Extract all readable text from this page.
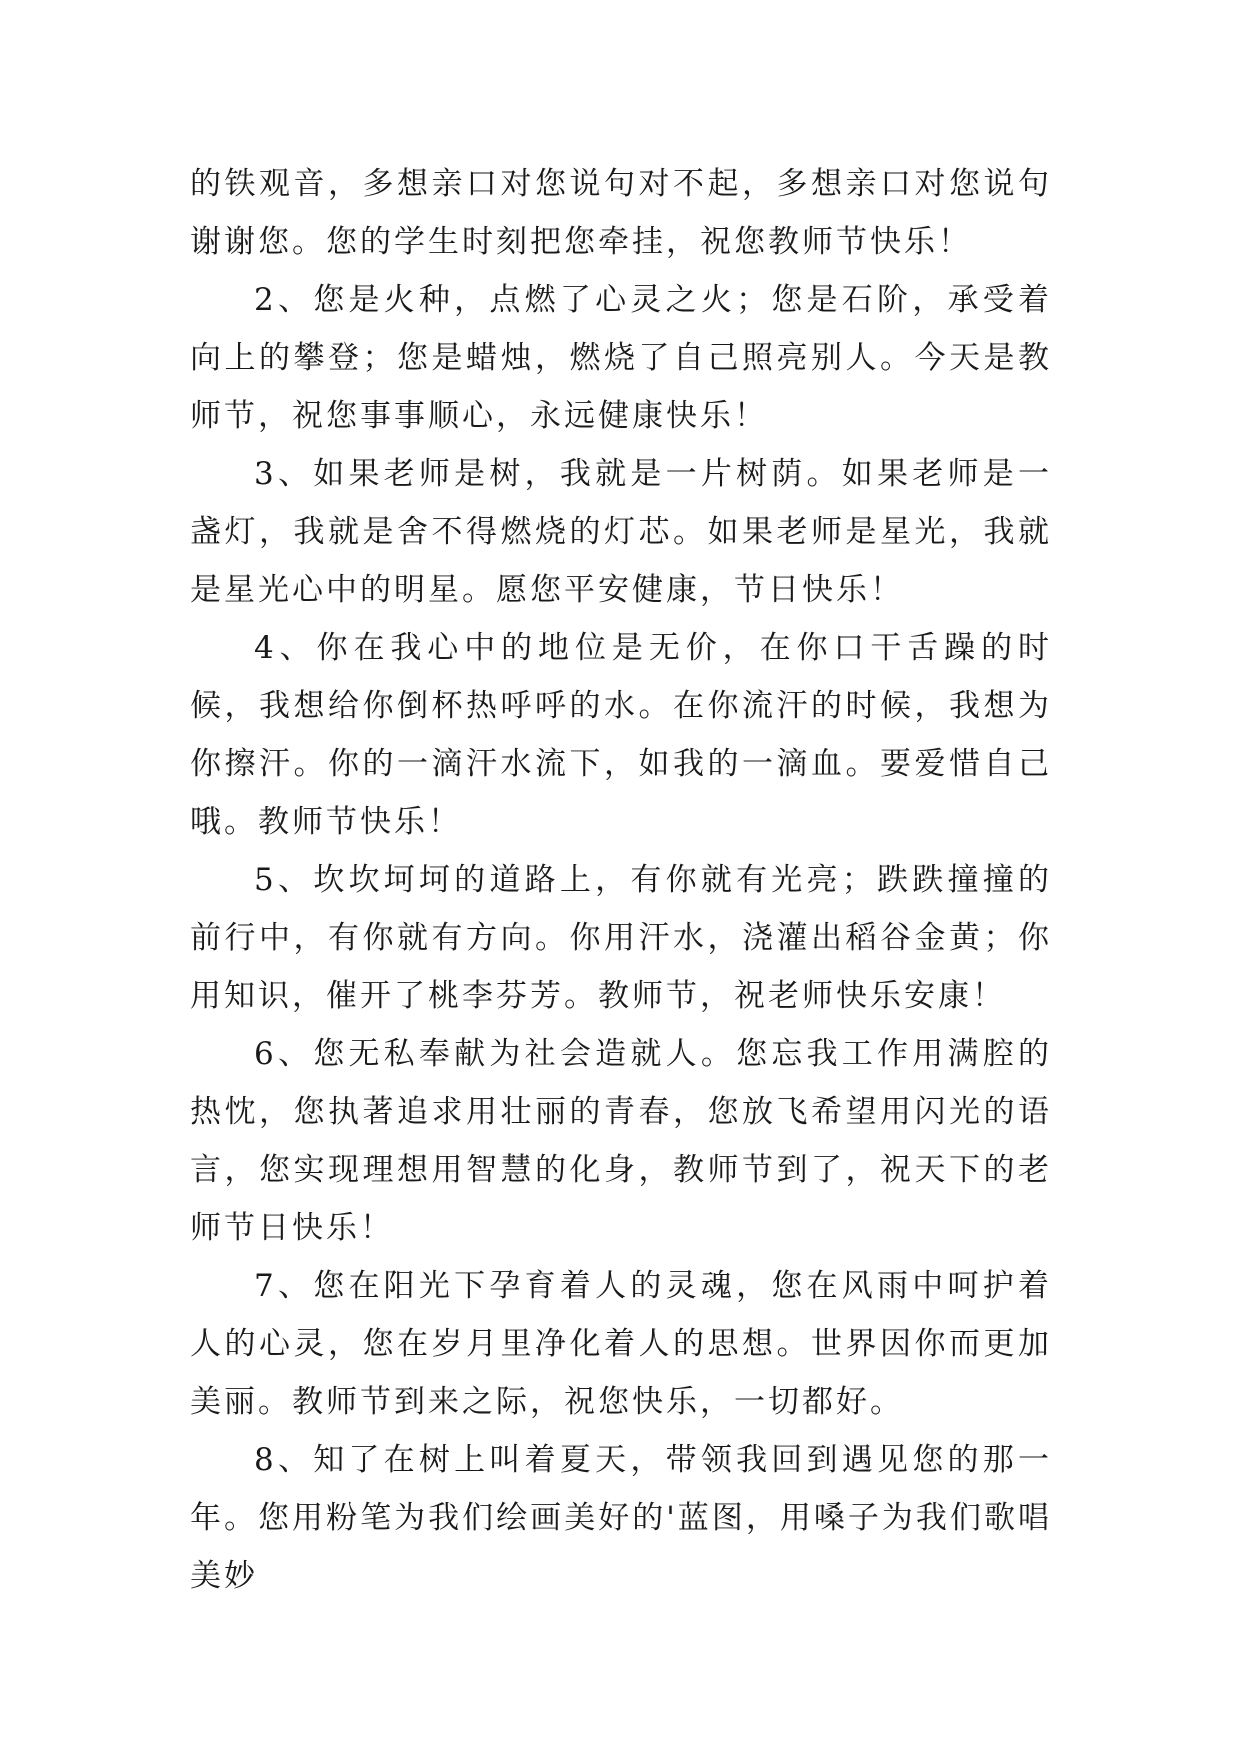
的铁观音，多想亲口对您说句对不起，多想亲口对您说句谢谢您。您的学生时刻把您牵挂，祝您教师节快乐！

2、您是火种，点燃了心灵之火；您是石阶，承受着向上的攀登；您是蜡烛，燃烧了自己照亮别人。今天是教师节，祝您事事顺心，永远健康快乐！

3、如果老师是树，我就是一片树荫。如果老师是一盏灯，我就是舍不得燃烧的灯芯。如果老师是星光，我就是星光心中的明星。愿您平安健康，节日快乐！

4、你在我心中的地位是无价，在你口干舌躁的时候，我想给你倒杯热呼呼的水。在你流汗的时候，我想为你擦汗。你的一滴汗水流下，如我的一滴血。要爱惜自己哦。教师节快乐！

5、坎坎坷坷的道路上，有你就有光亮；跌跌撞撞的前行中，有你就有方向。你用汗水，浇灌出稻谷金黄；你用知识，催开了桃李芬芳。教师节，祝老师快乐安康！

6、您无私奉献为社会造就人。您忘我工作用满腔的热忱，您执著追求用壮丽的青春，您放飞希望用闪光的语言，您实现理想用智慧的化身，教师节到了，祝天下的老师节日快乐！

7、您在阳光下孕育着人的灵魂，您在风雨中呵护着人的心灵，您在岁月里净化着人的思想。世界因你而更加美丽。教师节到来之际，祝您快乐，一切都好。

8、知了在树上叫着夏天，带领我回到遇见您的那一年。您用粉笔为我们绘画美好的'蓝图，用嗓子为我们歌唱美妙
